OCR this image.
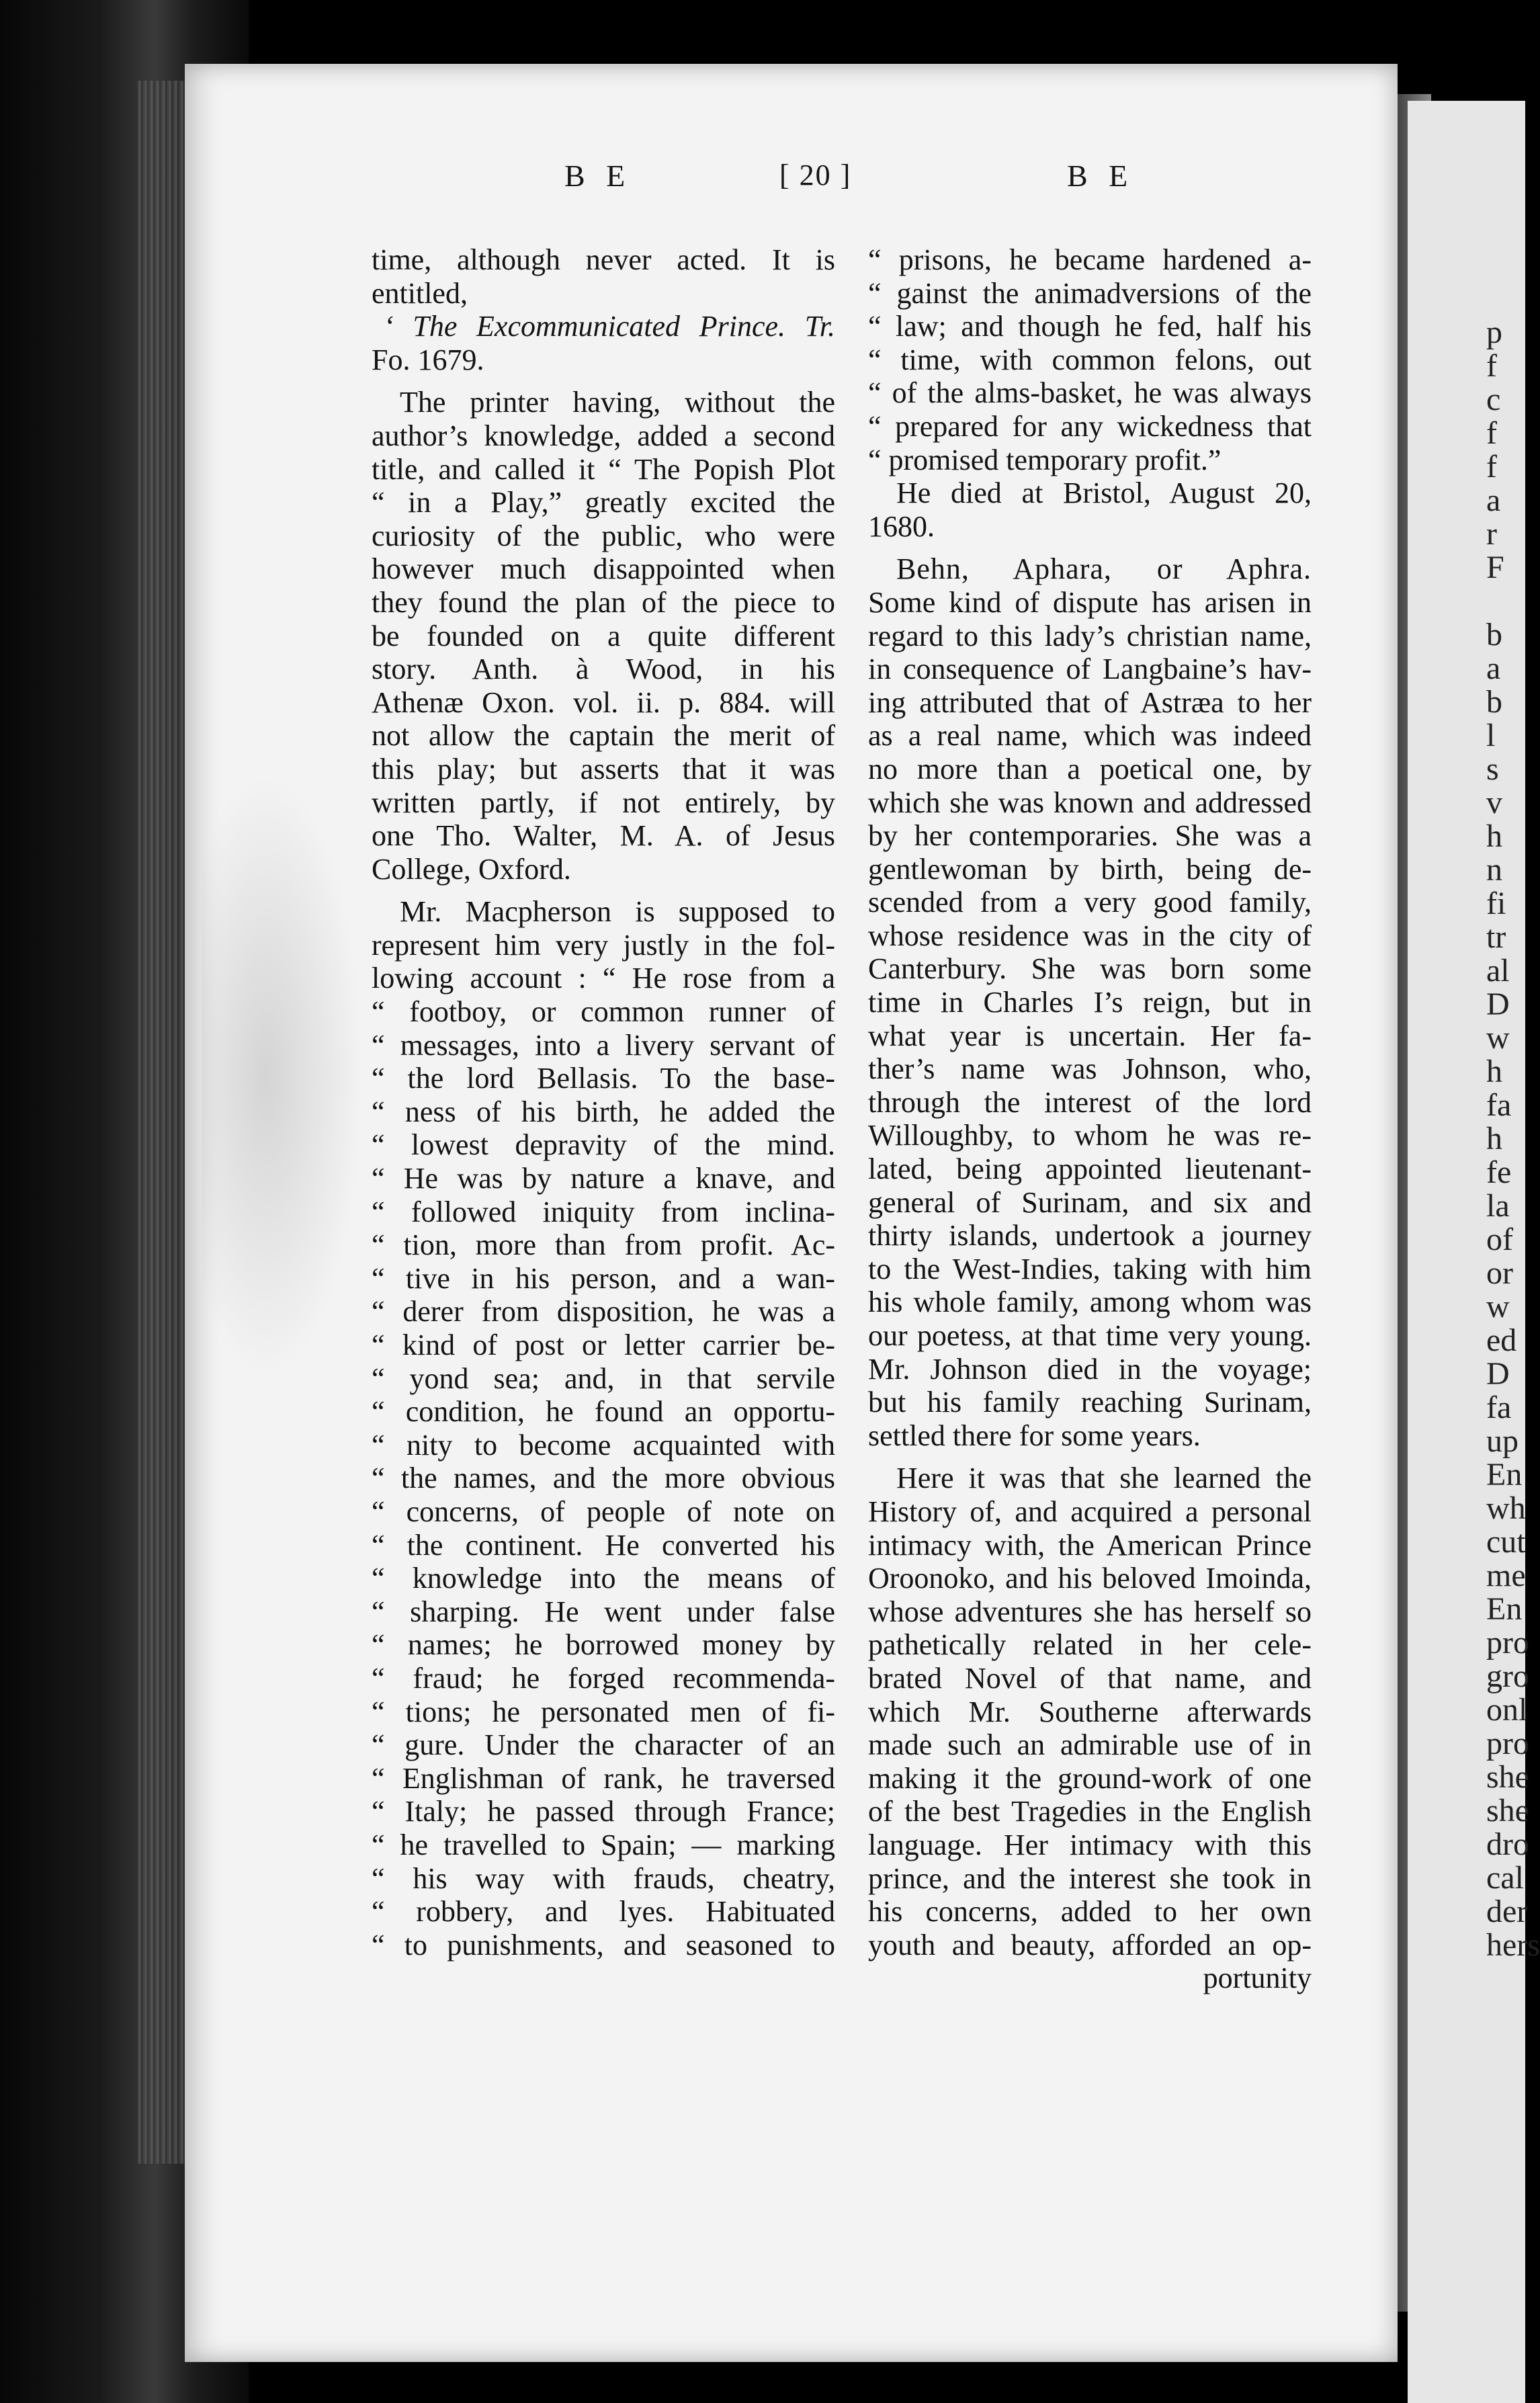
p
f
c
f
f
a
r
F

b
a
b
l
s
v
h
n
fi
tr
al
D
w
h
fa
h
fe
la
of
or
w
ed
D
fa
up
En
wh
cut
me
En
pro
gro
onl
pro
she
she
dro
cal
der
hers
B E	[ 20 ]	B E
time, although never acted. It is
entitled,
‘ The Excommunicated Prince. Tr.
Fo. 1679.
The printer having, without the
author’s knowledge, added a second
title, and called it “ The Popish Plot
“ in a Play,” greatly excited the
curiosity of the public, who were
however much disappointed when
they found the plan of the piece to
be founded on a quite different
story. Anth. à Wood, in his
Athenæ Oxon. vol. ii. p. 884. will
not allow the captain the merit of
this play; but asserts that it was
written partly, if not entirely, by
one Tho. Walter, M. A. of Jesus
College, Oxford.
Mr. Macpherson is supposed to
represent him very justly in the fol-
lowing account : “ He rose from a
“ footboy, or common runner of
“ messages, into a livery servant of
“ the lord Bellasis. To the base-
“ ness of his birth, he added the
“ lowest depravity of the mind.
“ He was by nature a knave, and
“ followed iniquity from inclina-
“ tion, more than from profit. Ac-
“ tive in his person, and a wan-
“ derer from disposition, he was a
“ kind of post or letter carrier be-
“ yond sea; and, in that servile
“ condition, he found an opportu-
“ nity to become acquainted with
“ the names, and the more obvious
“ concerns, of people of note on
“ the continent. He converted his
“ knowledge into the means of
“ sharping. He went under false
“ names; he borrowed money by
“ fraud; he forged recommenda-
“ tions; he personated men of fi-
“ gure. Under the character of an
“ Englishman of rank, he traversed
“ Italy; he passed through France;
“ he travelled to Spain; — marking
“ his way with frauds, cheatry,
“ robbery, and lyes. Habituated
“ to punishments, and seasoned to
“ prisons, he became hardened a-
“ gainst the animadversions of the
“ law; and though he fed, half his
“ time, with common felons, out
“ of the alms-basket, he was always
“ prepared for any wickedness that
“ promised temporary profit.”
He died at Bristol, August 20,
1680.
Behn, Aphara, or Aphra.
Some kind of dispute has arisen in
regard to this lady’s christian name,
in consequence of Langbaine’s hav-
ing attributed that of Astræa to her
as a real name, which was indeed
no more than a poetical one, by
which she was known and addressed
by her contemporaries. She was a
gentlewoman by birth, being de-
scended from a very good family,
whose residence was in the city of
Canterbury. She was born some
time in Charles I’s reign, but in
what year is uncertain. Her fa-
ther’s name was Johnson, who,
through the interest of the lord
Willoughby, to whom he was re-
lated, being appointed lieutenant-
general of Surinam, and six and
thirty islands, undertook a journey
to the West-Indies, taking with him
his whole family, among whom was
our poetess, at that time very young.
Mr. Johnson died in the voyage;
but his family reaching Surinam,
settled there for some years.
Here it was that she learned the
History of, and acquired a personal
intimacy with, the American Prince
Oroonoko, and his beloved Imoinda,
whose adventures she has herself so
pathetically related in her cele-
brated Novel of that name, and
which Mr. Southerne afterwards
made such an admirable use of in
making it the ground-work of one
of the best Tragedies in the English
language. Her intimacy with this
prince, and the interest she took in
his concerns, added to her own
youth and beauty, afforded an op-
portunity
